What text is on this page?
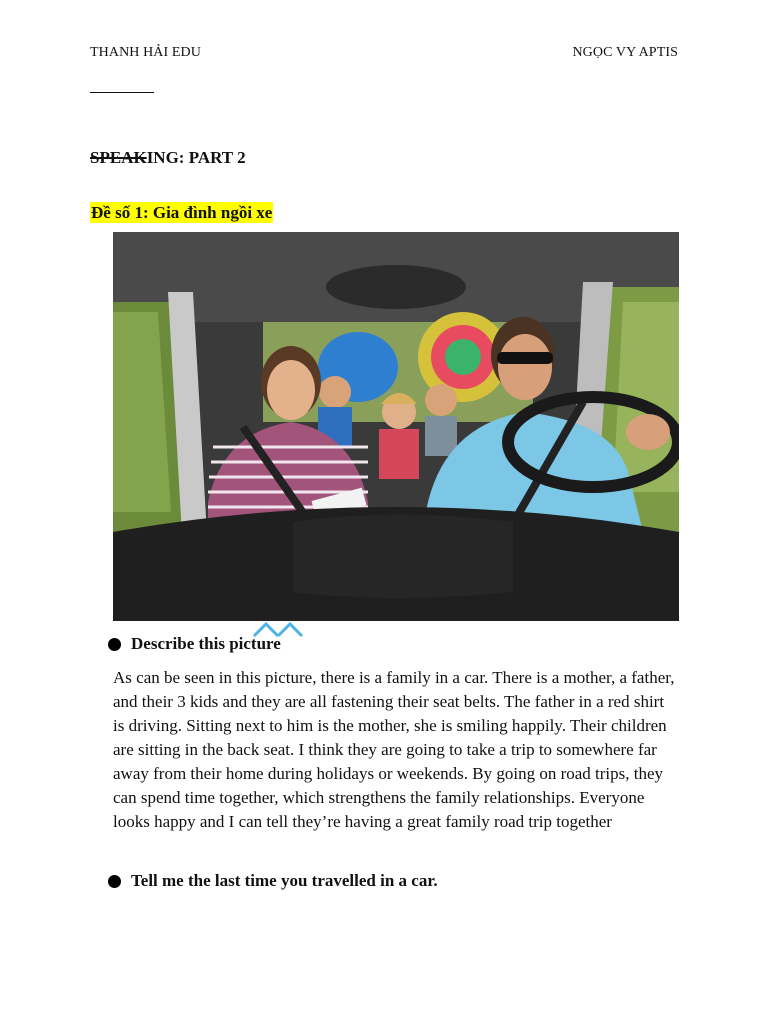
THANH HẢI EDU	NGỌC VY APTIS
SPEAKING: PART 2
Đề số 1: Gia đình ngồi xe
Describe this picture
As can be seen in this picture, there is a family in a car. There is a mother, a father, and their 3 kids and they are all fastening their seat belts. The father in a red shirt is driving. Sitting next to him is the mother, she is smiling happily. Their children are sitting in the back seat. I think they are going to take a trip to somewhere far away from their home during holidays or weekends. By going on road trips, they can spend time together, which strengthens the family relationships. Everyone looks happy and I can tell they’re having a great family road trip together
Tell me the last time you travelled in a car.
